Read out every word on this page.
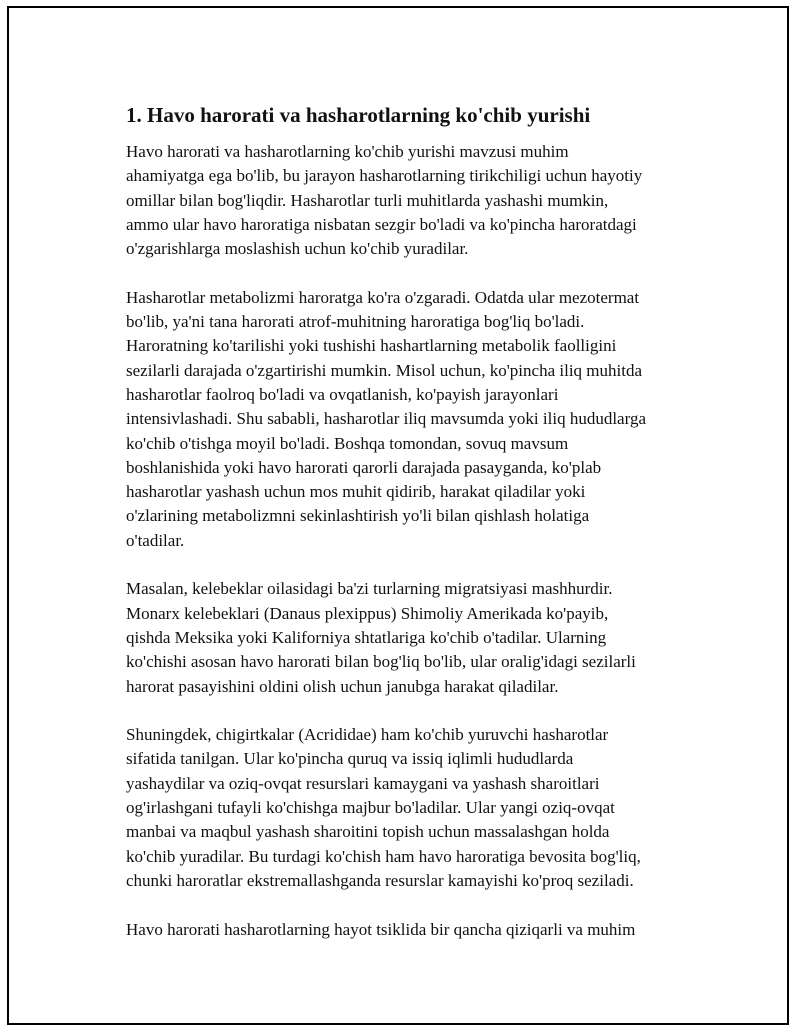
1. Havo harorati va hasharotlarning ko'chib yurishi

Havo harorati va hasharotlarning ko'chib yurishi mavzusi muhim
ahamiyatga ega bo'lib, bu jarayon hasharotlarning tirikchiligi uchun hayotiy
omillar bilan bog'liqdir. Hasharotlar turli muhitlarda yashashi mumkin,
ammo ular havo haroratiga nisbatan sezgir bo'ladi va ko'pincha haroratdagi
o'zgarishlarga moslashish uchun ko'chib yuradilar.

Hasharotlar metabolizmi haroratga ko'ra o'zgaradi. Odatda ular mezotermat
bo'lib, ya'ni tana harorati atrof-muhitning haroratiga bog'liq bo'ladi.
Haroratning ko'tarilishi yoki tushishi hashartlarning metabolik faolligini
sezilarli darajada o'zgartirishi mumkin. Misol uchun, ko'pincha iliq muhitda
hasharotlar faolroq bo'ladi va ovqatlanish, ko'payish jarayonlari
intensivlashadi. Shu sababli, hasharotlar iliq mavsumda yoki iliq hududlarga
ko'chib o'tishga moyil bo'ladi. Boshqa tomondan, sovuq mavsum
boshlanishida yoki havo harorati qarorli darajada pasayganda, ko'plab
hasharotlar yashash uchun mos muhit qidirib, harakat qiladilar yoki
o'zlarining metabolizmni sekinlashtirish yo'li bilan qishlash holatiga
o'tadilar.

Masalan, kelebeklar oilasidagi ba'zi turlarning migratsiyasi mashhurdir.
Monarx kelebeklari (Danaus plexippus) Shimoliy Amerikada ko'payib,
qishda Meksika yoki Kaliforniya shtatlariga ko'chib o'tadilar. Ularning
ko'chishi asosan havo harorati bilan bog'liq bo'lib, ular oralig'idagi sezilarli
harorat pasayishini oldini olish uchun janubga harakat qiladilar.

Shuningdek, chigirtkalar (Acrididae) ham ko'chib yuruvchi hasharotlar
sifatida tanilgan. Ular ko'pincha quruq va issiq iqlimli hududlarda
yashaydilar va oziq-ovqat resurslari kamaygani va yashash sharoitlari
og'irlashgani tufayli ko'chishga majbur bo'ladilar. Ular yangi oziq-ovqat
manbai va maqbul yashash sharoitini topish uchun massalashgan holda
ko'chib yuradilar. Bu turdagi ko'chish ham havo haroratiga bevosita bog'liq,
chunki haroratlar ekstremallashganda resurslar kamayishi ko'proq seziladi.

Havo harorati hasharotlarning hayot tsiklida bir qancha qiziqarli va muhim
